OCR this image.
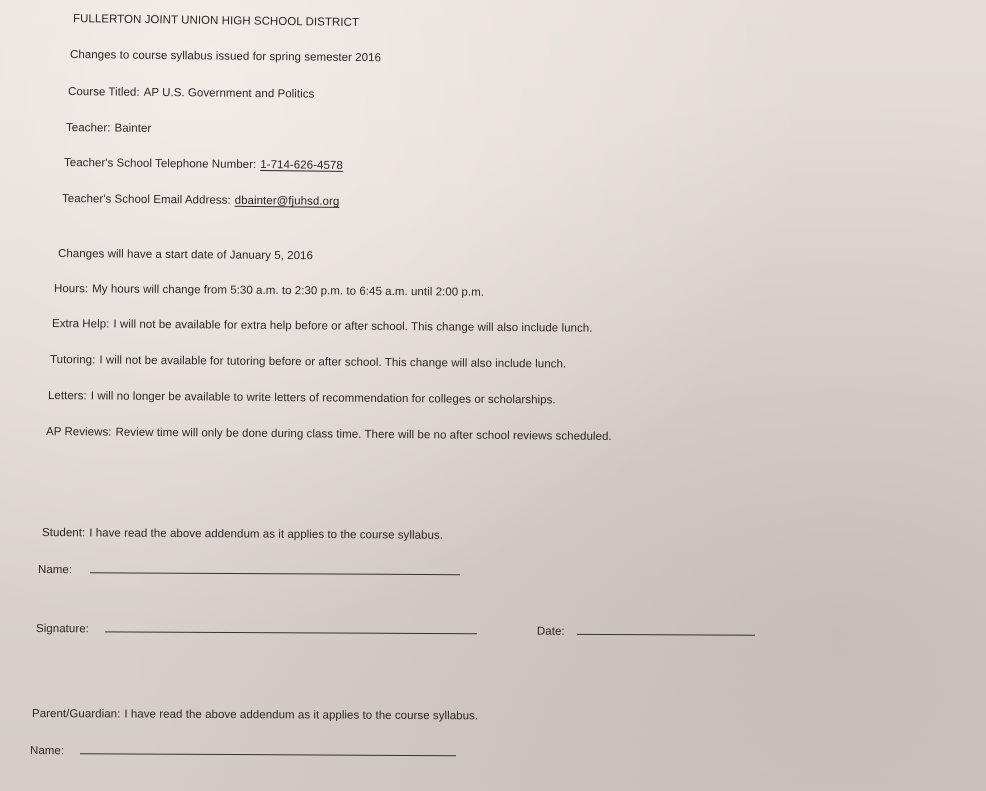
FULLERTON JOINT UNION HIGH SCHOOL DISTRICT
Changes to course syllabus issued for spring semester 2016
Course Titled: AP U.S. Government and Politics
Teacher: Bainter
Teacher's School Telephone Number: 1-714-626-4578
Teacher's School Email Address: dbainter@fjuhsd.org
Changes will have a start date of January 5, 2016
Hours: My hours will change from 5:30 a.m. to 2:30 p.m. to 6:45 a.m. until 2:00 p.m.
Extra Help: I will not be available for extra help before or after school. This change will also include lunch.
Tutoring: I will not be available for tutoring before or after school. This change will also include lunch.
Letters: I will no longer be available to write letters of recommendation for colleges or scholarships.
AP Reviews: Review time will only be done during class time. There will be no after school reviews scheduled.
Student: I have read the above addendum as it applies to the course syllabus.
Name:
Signature:	Date:
Parent/Guardian: I have read the above addendum as it applies to the course syllabus.
Name:
